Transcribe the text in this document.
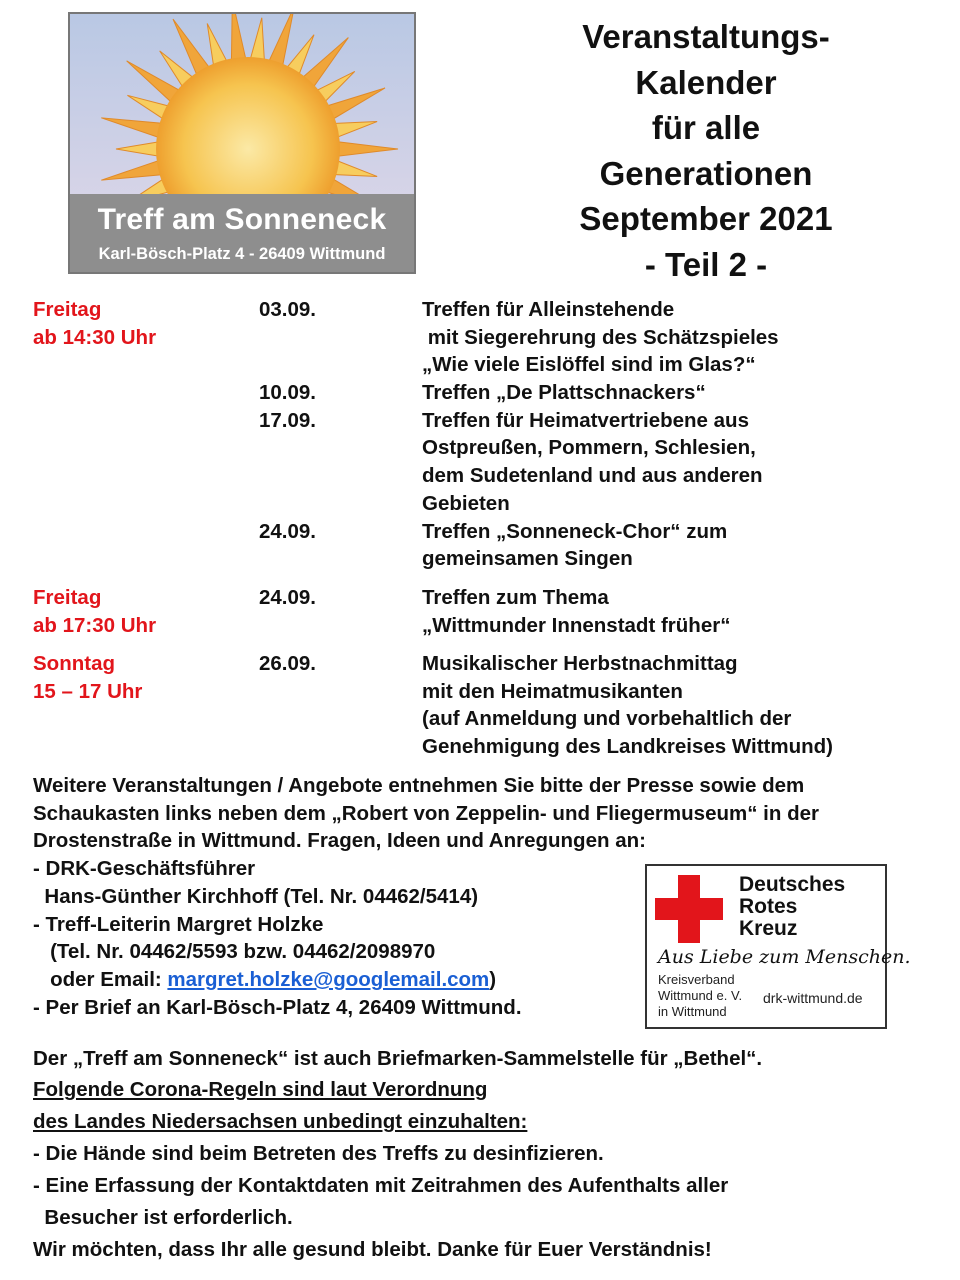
Treff am Sonneneck
Karl-Bösch-Platz 4 - 26409 Wittmund
Veranstaltungs-
Kalender
für alle
Generationen
September 2021
- Teil 2 -
Freitag
ab 14:30 Uhr
03.09.	Treffen für Alleinstehende
mit Siegerehrung des Schätzspieles
„Wie viele Eislöffel sind im Glas?“
10.09.	Treffen „De Plattschnackers“
17.09.	Treffen für Heimatvertriebene aus
Ostpreußen, Pommern, Schlesien,
dem Sudetenland und aus anderen
Gebieten
24.09.	Treffen „Sonneneck-Chor“ zum
gemeinsamen Singen
Freitag
ab 17:30 Uhr
24.09.	Treffen zum Thema
„Wittmunder Innenstadt früher“
Sonntag
15 – 17 Uhr
26.09.	Musikalischer Herbstnachmittag
mit den Heimatmusikanten
(auf Anmeldung und vorbehaltlich der
Genehmigung des Landkreises Wittmund)
Weitere Veranstaltungen / Angebote entnehmen Sie bitte der Presse sowie dem
Schaukasten links neben dem „Robert von Zeppelin- und Fliegermuseum“ in der
Drostenstraße in Wittmund. Fragen, Ideen und Anregungen an:
- DRK-Geschäftsführer
Hans-Günther Kirchhoff (Tel. Nr. 04462/5414)
- Treff-Leiterin Margret Holzke
(Tel. Nr. 04462/5593 bzw. 04462/2098970
oder Email: margret.holzke@googlemail.com)
- Per Brief an Karl-Bösch-Platz 4, 26409 Wittmund.
Deutsches
Rotes
Kreuz
Aus Liebe zum Menschen.
Kreisverband
Wittmund e. V.
in Wittmund
drk-wittmund.de
Der „Treff am Sonneneck“ ist auch Briefmarken-Sammelstelle für „Bethel“.
Folgende Corona-Regeln sind laut Verordnung
des Landes Niedersachsen unbedingt einzuhalten:
- Die Hände sind beim Betreten des Treffs zu desinfizieren.
- Eine Erfassung der Kontaktdaten mit Zeitrahmen des Aufenthalts aller
Besucher ist erforderlich.
Wir möchten, dass Ihr alle gesund bleibt. Danke für Euer Verständnis!
